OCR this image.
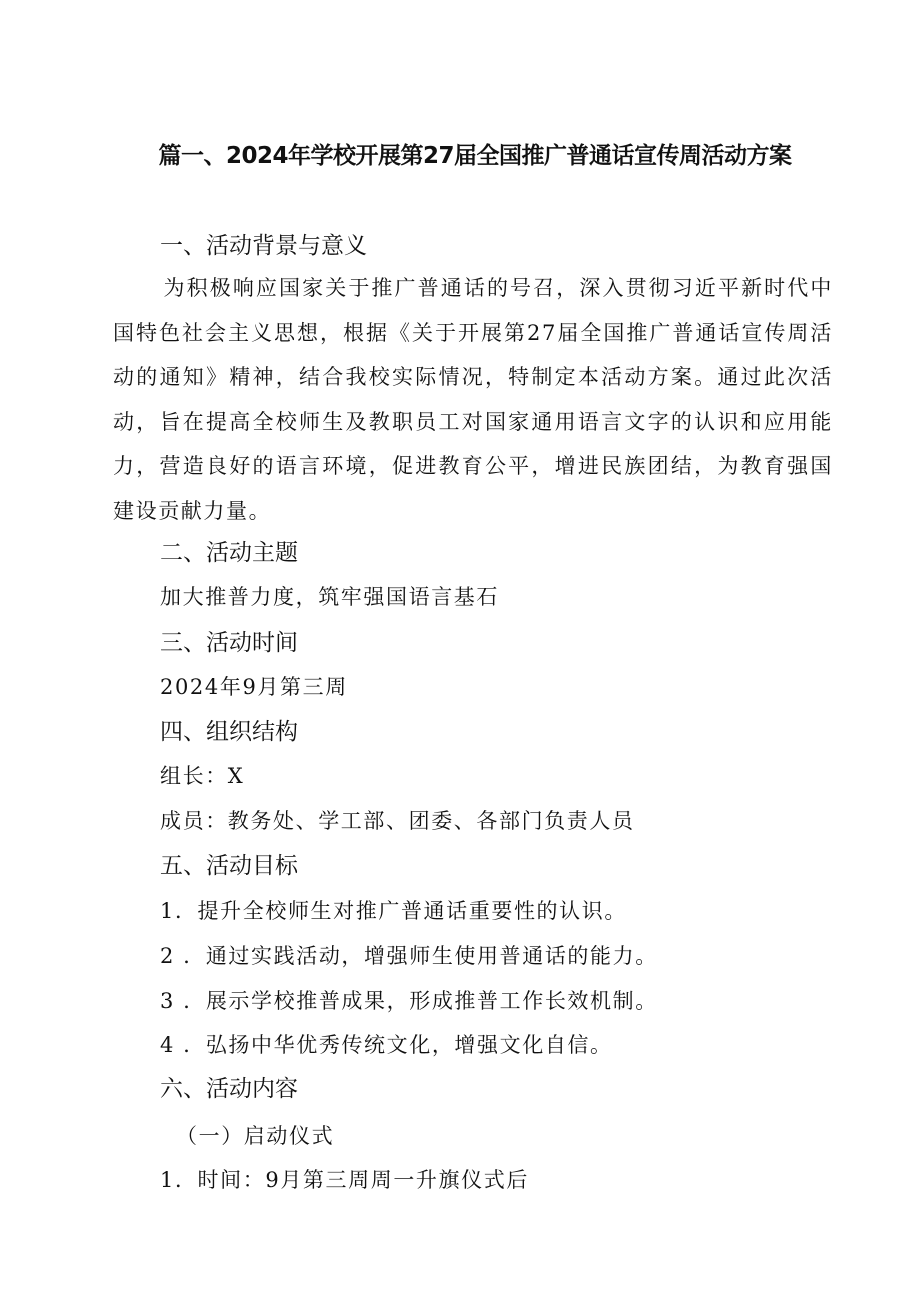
篇一、2024年学校开展第27届全国推广普通话宣传周活动方案
一、活动背景与意义
为积极响应国家关于推广普通话的号召，深入贯彻习近平新时代中国特色社会主义思想，根据《关于开展第27届全国推广普通话宣传周活动的通知》精神，结合我校实际情况，特制定本活动方案。通过此次活动，旨在提高全校师生及教职员工对国家通用语言文字的认识和应用能力，营造良好的语言环境，促进教育公平，增进民族团结，为教育强国建设贡献力量。
二、活动主题
加大推普力度，筑牢强国语言基石
三、活动时间
2024年9月第三周
四、组织结构
组长：X
成员：教务处、学工部、团委、各部门负责人员
五、活动目标
1．提升全校师生对推广普通话重要性的认识。
2 ．通过实践活动，增强师生使用普通话的能力。
3 ．展示学校推普成果，形成推普工作长效机制。
4 ．弘扬中华优秀传统文化，增强文化自信。
六、活动内容
（一）启动仪式
1．时间：9月第三周周一升旗仪式后
